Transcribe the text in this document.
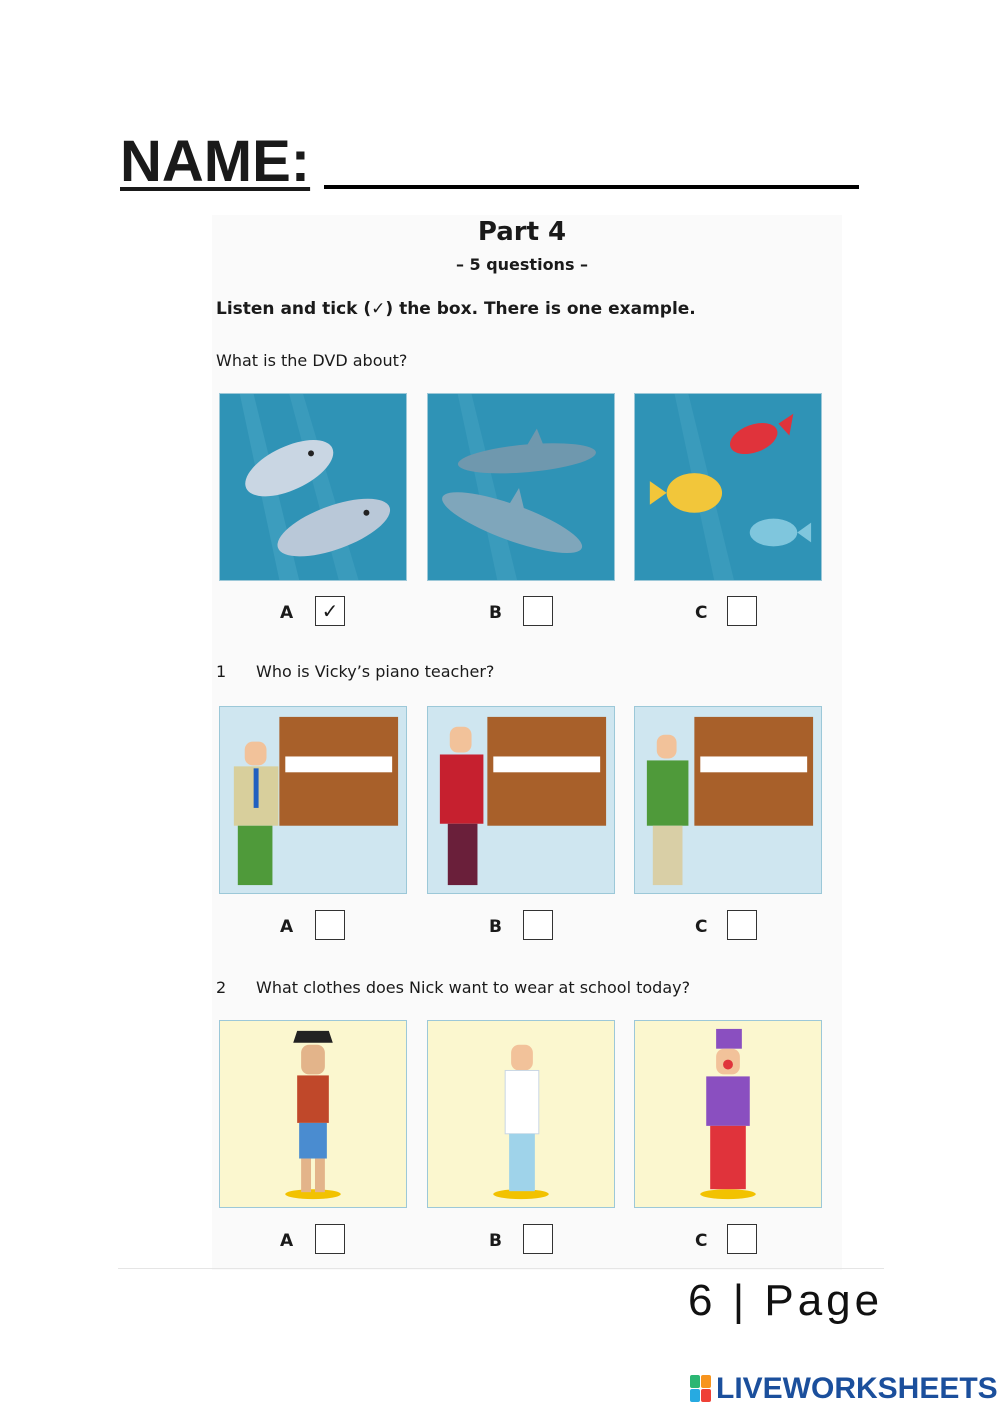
NAME:
Part 4
– 5 questions –
Listen and tick (✓) the box. There is one example.
What is the DVD about?
A	✓	B	C
1 Who is Vicky’s piano teacher?
A	B	C
2 What clothes does Nick want to wear at school today?
A	B	C
6 | Page
LIVEWORKSHEETS
